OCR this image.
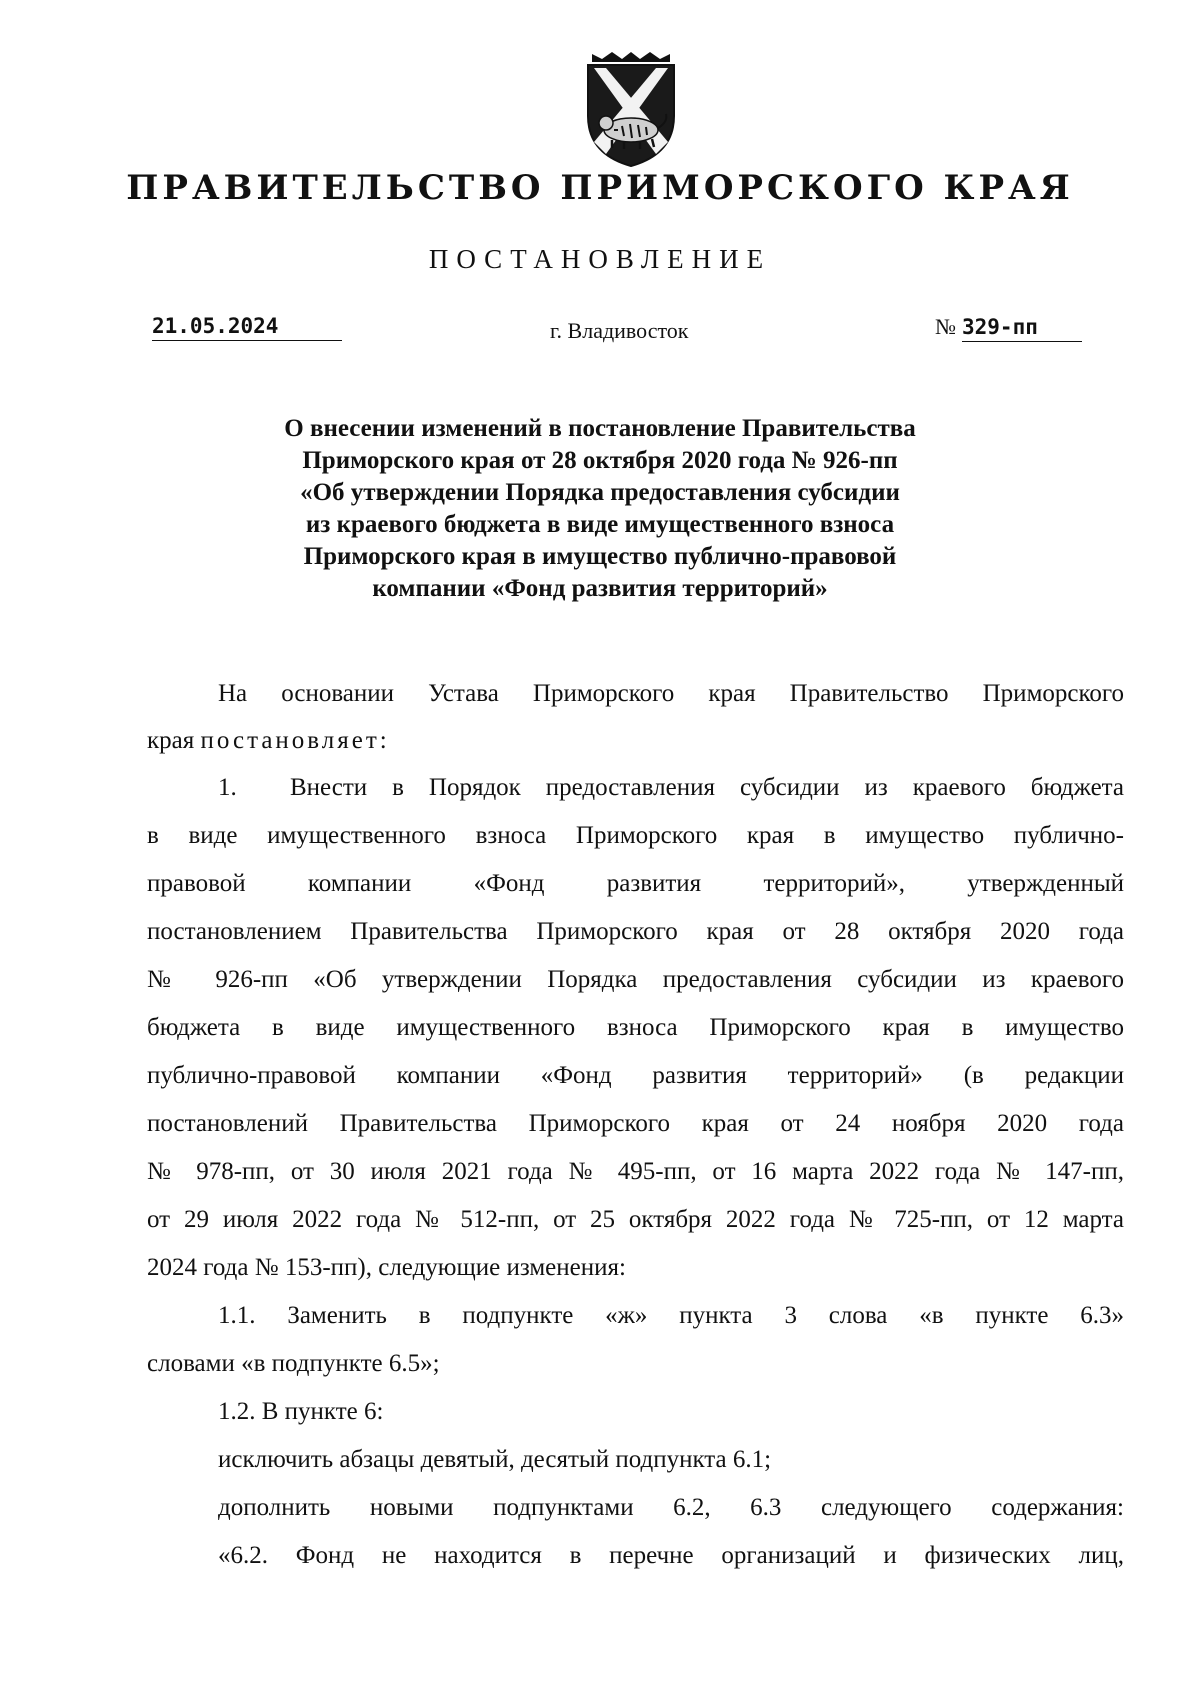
ПРАВИТЕЛЬСТВО ПРИМОРСКОГО КРАЯ
ПОСТАНОВЛЕНИЕ
21.05.2024	г. Владивосток	№ 329-пп
О внесении изменений в постановление Правительства
Приморского края от 28 октября 2020 года № 926-пп
«Об утверждении Порядка предоставления субсидии
из краевого бюджета в виде имущественного взноса
Приморского края в имущество публично-правовой
компании «Фонд развития территорий»
На основании Устава Приморского края Правительство Приморского
края постановляет:
1.	Внести в Порядок предоставления субсидии из краевого бюджета
в виде имущественного взноса Приморского края в имущество публично-
правовой компании «Фонд развития территорий», утвержденный
постановлением Правительства Приморского края от 28 октября 2020 года
№ 926-пп «Об утверждении Порядка предоставления субсидии из краевого
бюджета в виде имущественного взноса Приморского края в имущество
публично-правовой компании «Фонд развития территорий» (в редакции
постановлений Правительства Приморского края от 24 ноября 2020 года
№ 978-пп, от 30 июля 2021 года № 495-пп, от 16 марта 2022 года № 147-пп,
от 29 июля 2022 года № 512-пп, от 25 октября 2022 года № 725-пп, от 12 марта
2024 года № 153-пп), следующие изменения:
1.1. Заменить в подпункте «ж» пункта 3 слова «в пункте 6.3»
словами «в подпункте 6.5»;
1.2. В пункте 6:
исключить абзацы девятый, десятый подпункта 6.1;
дополнить новыми подпунктами 6.2, 6.3 следующего содержания:
«6.2. Фонд не находится в перечне организаций и физических лиц,
